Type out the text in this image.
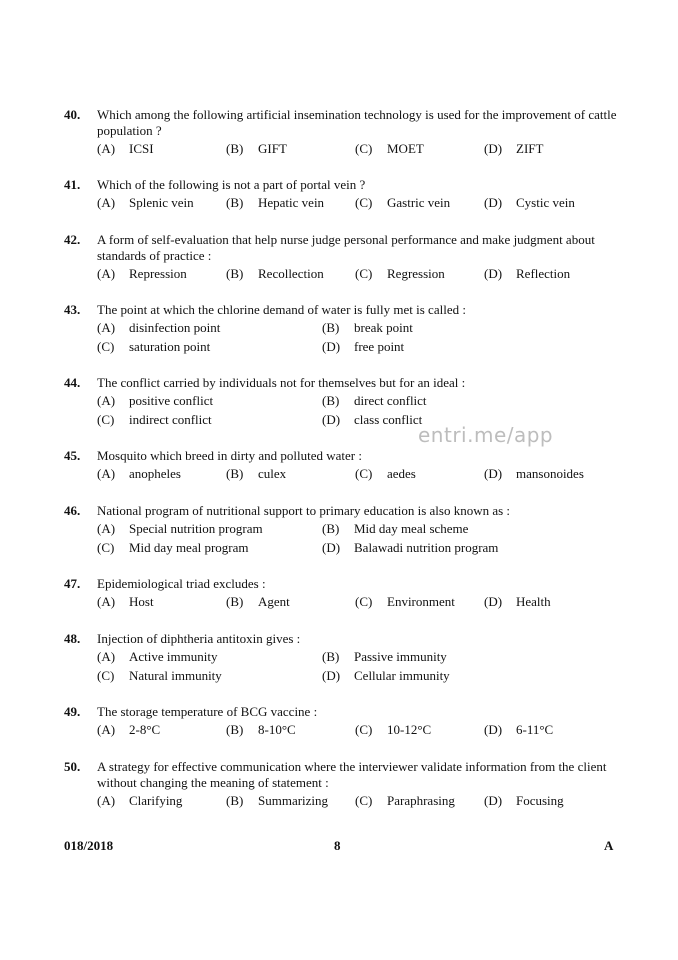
40. Which among the following artificial insemination technology is used for the improvement of cattle population ?
(A) ICSI	(B) GIFT	(C) MOET	(D) ZIFT
41. Which of the following is not a part of portal vein ?
(A) Splenic vein (B) Hepatic vein (C) Gastric vein	(D) Cystic vein
42. A form of self-evaluation that help nurse judge personal performance and make judgment about standards of practice :
(A) Repression	(B) Recollection (C) Regression	(D) Reflection
43. The point at which the chlorine demand of water is fully met is called :
(A) disinfection point	(B) break point
(C) saturation point	(D) free point
44. The conflict carried by individuals not for themselves but for an ideal :
(A) positive conflict	(B) direct conflict
(C) indirect conflict	(D) class conflict
entri.me/app
45. Mosquito which breed in dirty and polluted water :
(A) anopheles	(B) culex	(C) aedes	(D) mansonoides
46. National program of nutritional support to primary education is also known as :
(A) Special nutrition program	(B) Mid day meal scheme
(C) Mid day meal program	(D) Balawadi nutrition program
47. Epidemiological triad excludes :
(A) Host	(B) Agent	(C) Environment (D) Health
48. Injection of diphtheria antitoxin gives :
(A) Active immunity	(B) Passive immunity
(C) Natural immunity	(D) Cellular immunity
49. The storage temperature of BCG vaccine :
(A) 2-8°C	(B) 8-10°C	(C) 10-12°C	(D) 6-11°C
50. A strategy for effective communication where the interviewer validate information from the client without changing the meaning of statement :
(A) Clarifying	(B) Summarizing (C) Paraphrasing (D) Focusing
018/2018	8	A
